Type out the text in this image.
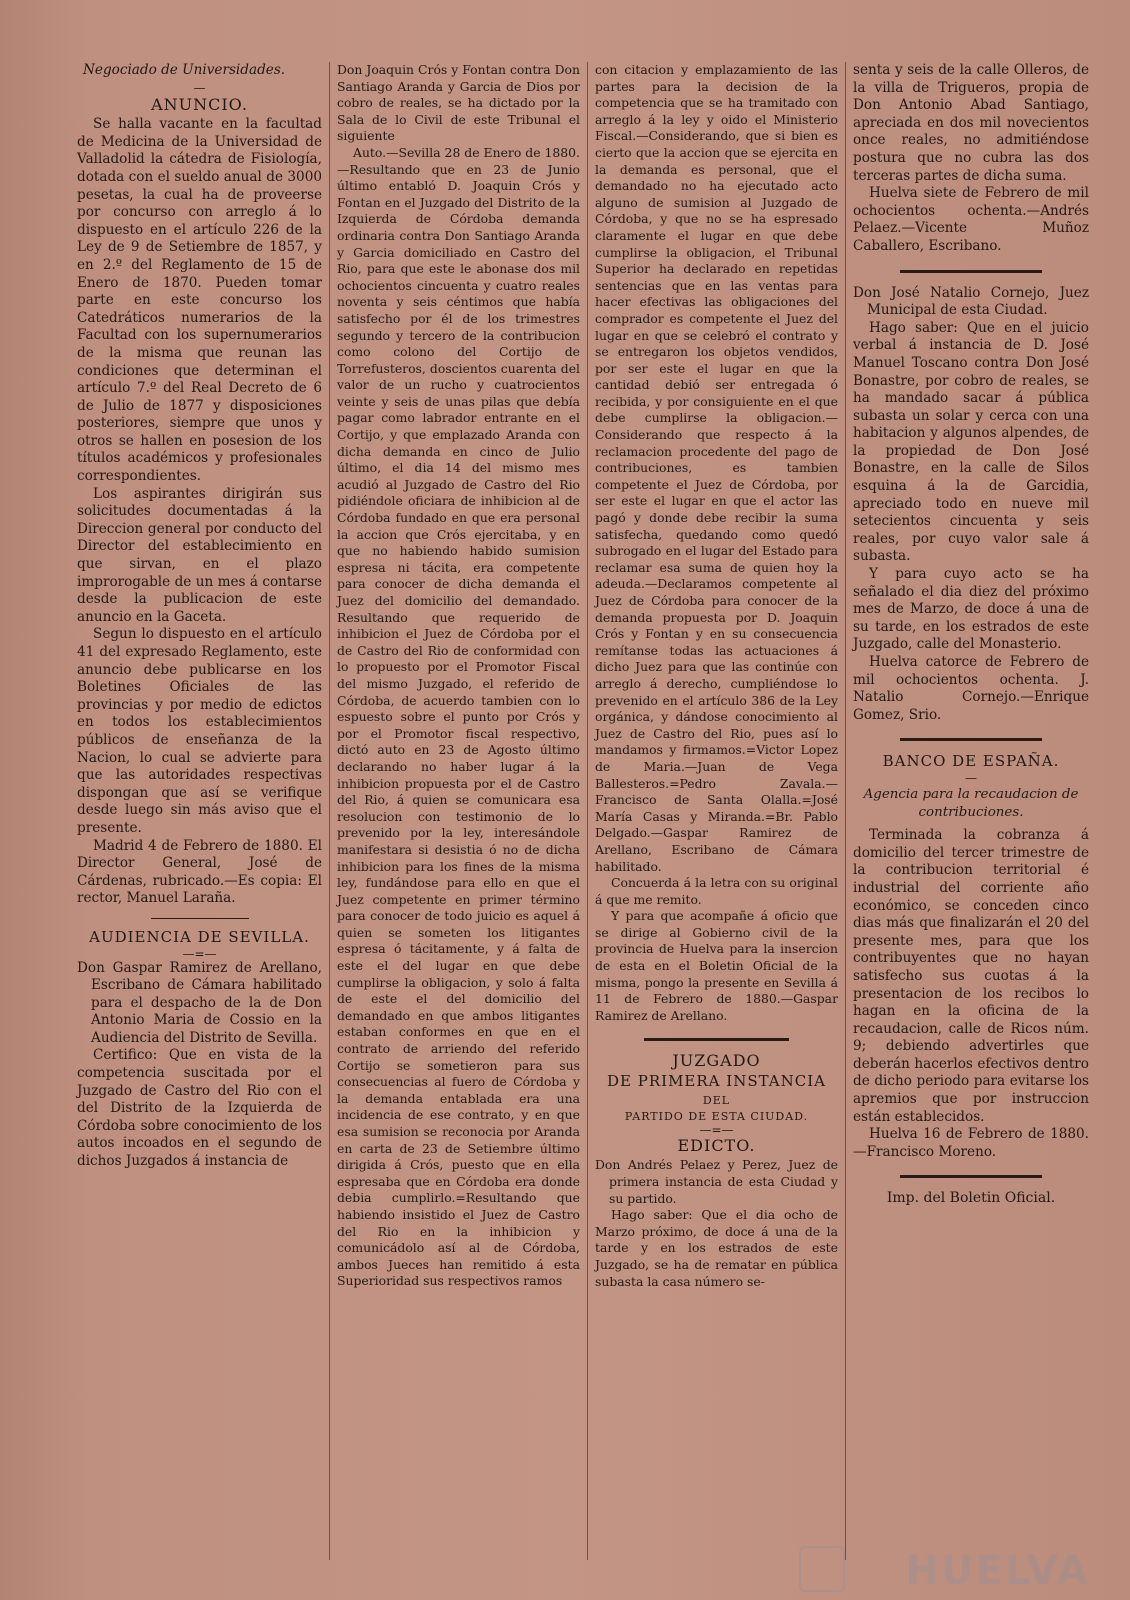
Negociado de Universidades.
—
ANUNCIO.

Se halla vacante en la facultad de Medicina de la Universidad de Valladolid la cátedra de Fisiología, dotada con el sueldo anual de 3000 pesetas, la cual ha de proveerse por concurso con arreglo á lo dispuesto en el artículo 226 de la Ley de 9 de Setiembre de 1857, y en 2.º del Reglamento de 15 de Enero de 1870. Pueden tomar parte en este concurso los Catedráticos numerarios de la Facultad con los supernumerarios de la misma que reunan las condiciones que determinan el artículo 7.º del Real Decreto de 6 de Julio de 1877 y disposiciones posteriores, siempre que unos y otros se hallen en posesion de los títulos académicos y profesionales correspondientes.

Los aspirantes dirigirán sus solicitudes documentadas á la Direccion general por conducto del Director del establecimiento en que sirvan, en el plazo improrogable de un mes á contarse desde la publicacion de este anuncio en la Gaceta.

Segun lo dispuesto en el artículo 41 del expresado Reglamento, este anuncio debe publicarse en los Boletines Oficiales de las provincias y por medio de edictos en todos los establecimientos públicos de enseñanza de la Nacion, lo cual se advierte para que las autoridades respectivas dispongan que así se verifique desde luego sin más aviso que el presente.

Madrid 4 de Febrero de 1880. El Director General, José de Cárdenas, rubricado.—Es copia: El rector, Manuel Laraña.

AUDIENCIA DE SEVILLA.
—=—

Don Gaspar Ramirez de Arellano, Escribano de Cámara habilitado para el despacho de la de Don Antonio Maria de Cossio en la Audiencia del Distrito de Sevilla.

Certifico: Que en vista de la competencia suscitada por el Juzgado de Castro del Rio con el del Distrito de la Izquierda de Córdoba sobre conocimiento de los autos incoados en el segundo de dichos Juzgados á instancia de

Don Joaquin Crós y Fontan contra Don Santiago Aranda y Garcia de Dios por cobro de reales, se ha dictado por la Sala de lo Civil de este Tribunal el siguiente

Auto.—Sevilla 28 de Enero de 1880.—Resultando que en 23 de Junio último entabló D. Joaquin Crós y Fontan en el Juzgado del Distrito de la Izquierda de Córdoba demanda ordinaria contra Don Santiago Aranda y Garcia domiciliado en Castro del Rio, para que este le abonase dos mil ochocientos cincuenta y cuatro reales noventa y seis céntimos que había satisfecho por él de los trimestres segundo y tercero de la contribucion como colono del Cortijo de Torrefusteros, doscientos cuarenta del valor de un rucho y cuatrocientos veinte y seis de unas pilas que debía pagar como labrador entrante en el Cortijo, y que emplazado Aranda con dicha demanda en cinco de Julio último, el dia 14 del mismo mes acudió al Juzgado de Castro del Rio pidiéndole oficiara de inhibicion al de Córdoba fundado en que era personal la accion que Crós ejercitaba, y en que no habiendo habido sumision espresa ni tácita, era competente para conocer de dicha demanda el Juez del domicilio del demandado. Resultando que requerido de inhibicion el Juez de Córdoba por el de Castro del Rio de conformidad con lo propuesto por el Promotor Fiscal del mismo Juzgado, el referido de Córdoba, de acuerdo tambien con lo espuesto sobre el punto por Crós y por el Promotor fiscal respectivo, dictó auto en 23 de Agosto último declarando no haber lugar á la inhibicion propuesta por el de Castro del Rio, á quien se comunicara esa resolucion con testimonio de lo prevenido por la ley, interesándole manifestara si desistia ó no de dicha inhibicion para los fines de la misma ley, fundándose para ello en que el Juez competente en primer término para conocer de todo juicio es aquel á quien se someten los litigantes espresa ó tácitamente, y á falta de este el del lugar en que debe cumplirse la obligacion, y solo á falta de este el del domicilio del demandado en que ambos litigantes estaban conformes en que en el contrato de arriendo del referido Cortijo se sometieron para sus consecuencias al fuero de Córdoba y la demanda entablada era una incidencia de ese contrato, y en que esa sumision se reconocia por Aranda en carta de 23 de Setiembre último dirigida á Crós, puesto que en ella espresaba que en Córdoba era donde debia cumplirlo.=Resultando que habiendo insistido el Juez de Castro del Rio en la inhibicion y comunicádolo así al de Córdoba, ambos Jueces han remitido á esta Superioridad sus respectivos ramos

con citacion y emplazamiento de las partes para la decision de la competencia que se ha tramitado con arreglo á la ley y oido el Ministerio Fiscal.—Considerando, que si bien es cierto que la accion que se ejercita en la demanda es personal, que el demandado no ha ejecutado acto alguno de sumision al Juzgado de Córdoba, y que no se ha espresado claramente el lugar en que debe cumplirse la obligacion, el Tribunal Superior ha declarado en repetidas sentencias que en las ventas para hacer efectivas las obligaciones del comprador es competente el Juez del lugar en que se celebró el contrato y se entregaron los objetos vendidos, por ser este el lugar en que la cantidad debió ser entregada ó recibida, y por consiguiente en el que debe cumplirse la obligacion.—Considerando que respecto á la reclamacion procedente del pago de contribuciones, es tambien competente el Juez de Córdoba, por ser este el lugar en que el actor las pagó y donde debe recibir la suma satisfecha, quedando como quedó subrogado en el lugar del Estado para reclamar esa suma de quien hoy la adeuda.—Declaramos competente al Juez de Córdoba para conocer de la demanda propuesta por D. Joaquin Crós y Fontan y en su consecuencia remítanse todas las actuaciones á dicho Juez para que las continúe con arreglo á derecho, cumpliéndose lo prevenido en el artículo 386 de la Ley orgánica, y dándose conocimiento al Juez de Castro del Rio, pues así lo mandamos y firmamos.=Victor Lopez de Maria.—Juan de Vega Ballesteros.=Pedro Zavala.—Francisco de Santa Olalla.=José María Casas y Miranda.=Br. Pablo Delgado.—Gaspar Ramirez de Arellano, Escribano de Cámara habilitado.

Concuerda á la letra con su original á que me remito.

Y para que acompañe á oficio que se dirige al Gobierno civil de la provincia de Huelva para la insercion de esta en el Boletin Oficial de la misma, pongo la presente en Sevilla á 11 de Febrero de 1880.—Gaspar Ramirez de Arellano.

JUZGADO
DE PRIMERA INSTANCIA
DEL
PARTIDO DE ESTA CIUDAD.
—=—
EDICTO.

Don Andrés Pelaez y Perez, Juez de primera instancia de esta Ciudad y su partido.

Hago saber: Que el dia ocho de Marzo próximo, de doce á una de la tarde y en los estrados de este Juzgado, se ha de rematar en pública subasta la casa número se-

senta y seis de la calle Olleros, de la villa de Trigueros, propia de Don Antonio Abad Santiago, apreciada en dos mil novecientos once reales, no admitiéndose postura que no cubra las dos terceras partes de dicha suma.

Huelva siete de Febrero de mil ochocientos ochenta.—Andrés Pelaez.—Vicente Muñoz Caballero, Escribano.

Don José Natalio Cornejo, Juez Municipal de esta Ciudad.

Hago saber: Que en el juicio verbal á instancia de D. José Manuel Toscano contra Don José Bonastre, por cobro de reales, se ha mandado sacar á pública subasta un solar y cerca con una habitacion y algunos alpendes, de la propiedad de Don José Bonastre, en la calle de Silos esquina á la de Garcidia, apreciado todo en nueve mil setecientos cincuenta y seis reales, por cuyo valor sale á subasta.

Y para cuyo acto se ha señalado el dia diez del próximo mes de Marzo, de doce á una de su tarde, en los estrados de este Juzgado, calle del Monasterio.

Huelva catorce de Febrero de mil ochocientos ochenta. J. Natalio Cornejo.—Enrique Gomez, Srio.

BANCO DE ESPAÑA.
—
Agencia para la recaudacion de contribuciones.

Terminada la cobranza á domicilio del tercer trimestre de la contribucion territorial é industrial del corriente año económico, se conceden cinco dias más que finalizarán el 20 del presente mes, para que los contribuyentes que no hayan satisfecho sus cuotas á la presentacion de los recibos lo hagan en la oficina de la recaudacion, calle de Ricos núm. 9; debiendo advertirles que deberán hacerlos efectivos dentro de dicho periodo para evitarse los apremios que por instruccion están establecidos.

Huelva 16 de Febrero de 1880.—Francisco Moreno.

Imp. del Boletin Oficial.
HUELVA
